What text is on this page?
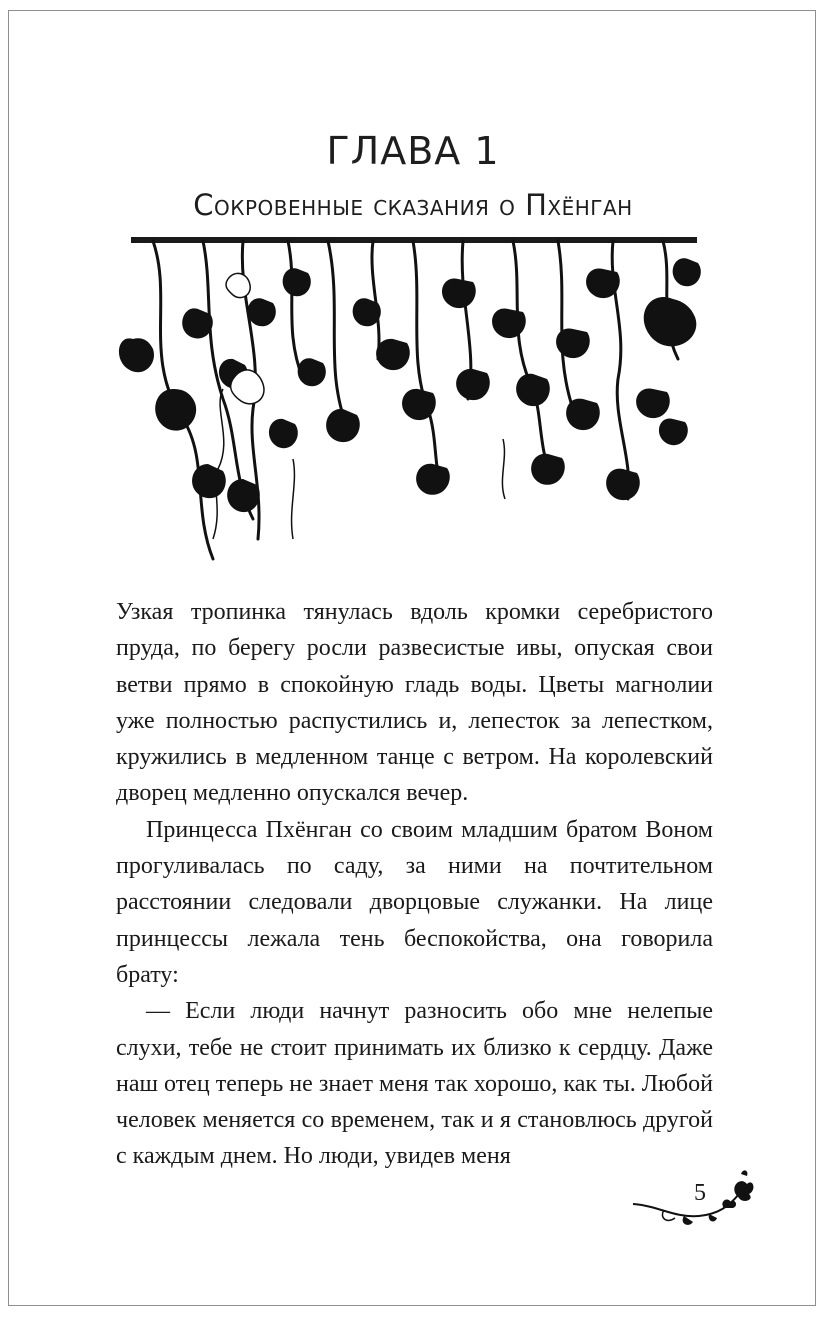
ГЛАВА 1
Сокровенные сказания о Пхёнган

Узкая тропинка тянулась вдоль кромки серебристого пруда, по берегу росли развесистые ивы, опуская свои ветви прямо в спокойную гладь воды. Цветы магнолии уже полностью распустились и, лепесток за лепестком, кружились в медленном танце с ветром. На королевский дворец медленно опускался вечер.

Принцесса Пхёнган со своим младшим братом Воном прогуливалась по саду, за ними на почтительном расстоянии следовали дворцовые служанки. На лице принцессы лежала тень беспокойства, она говорила брату:

— Если люди начнут разносить обо мне нелепые слухи, тебе не стоит принимать их близко к сердцу. Даже наш отец теперь не знает меня так хорошо, как ты. Любой человек меняется со временем, так и я становлюсь другой с каждым днем. Но люди, увидев меня

5
